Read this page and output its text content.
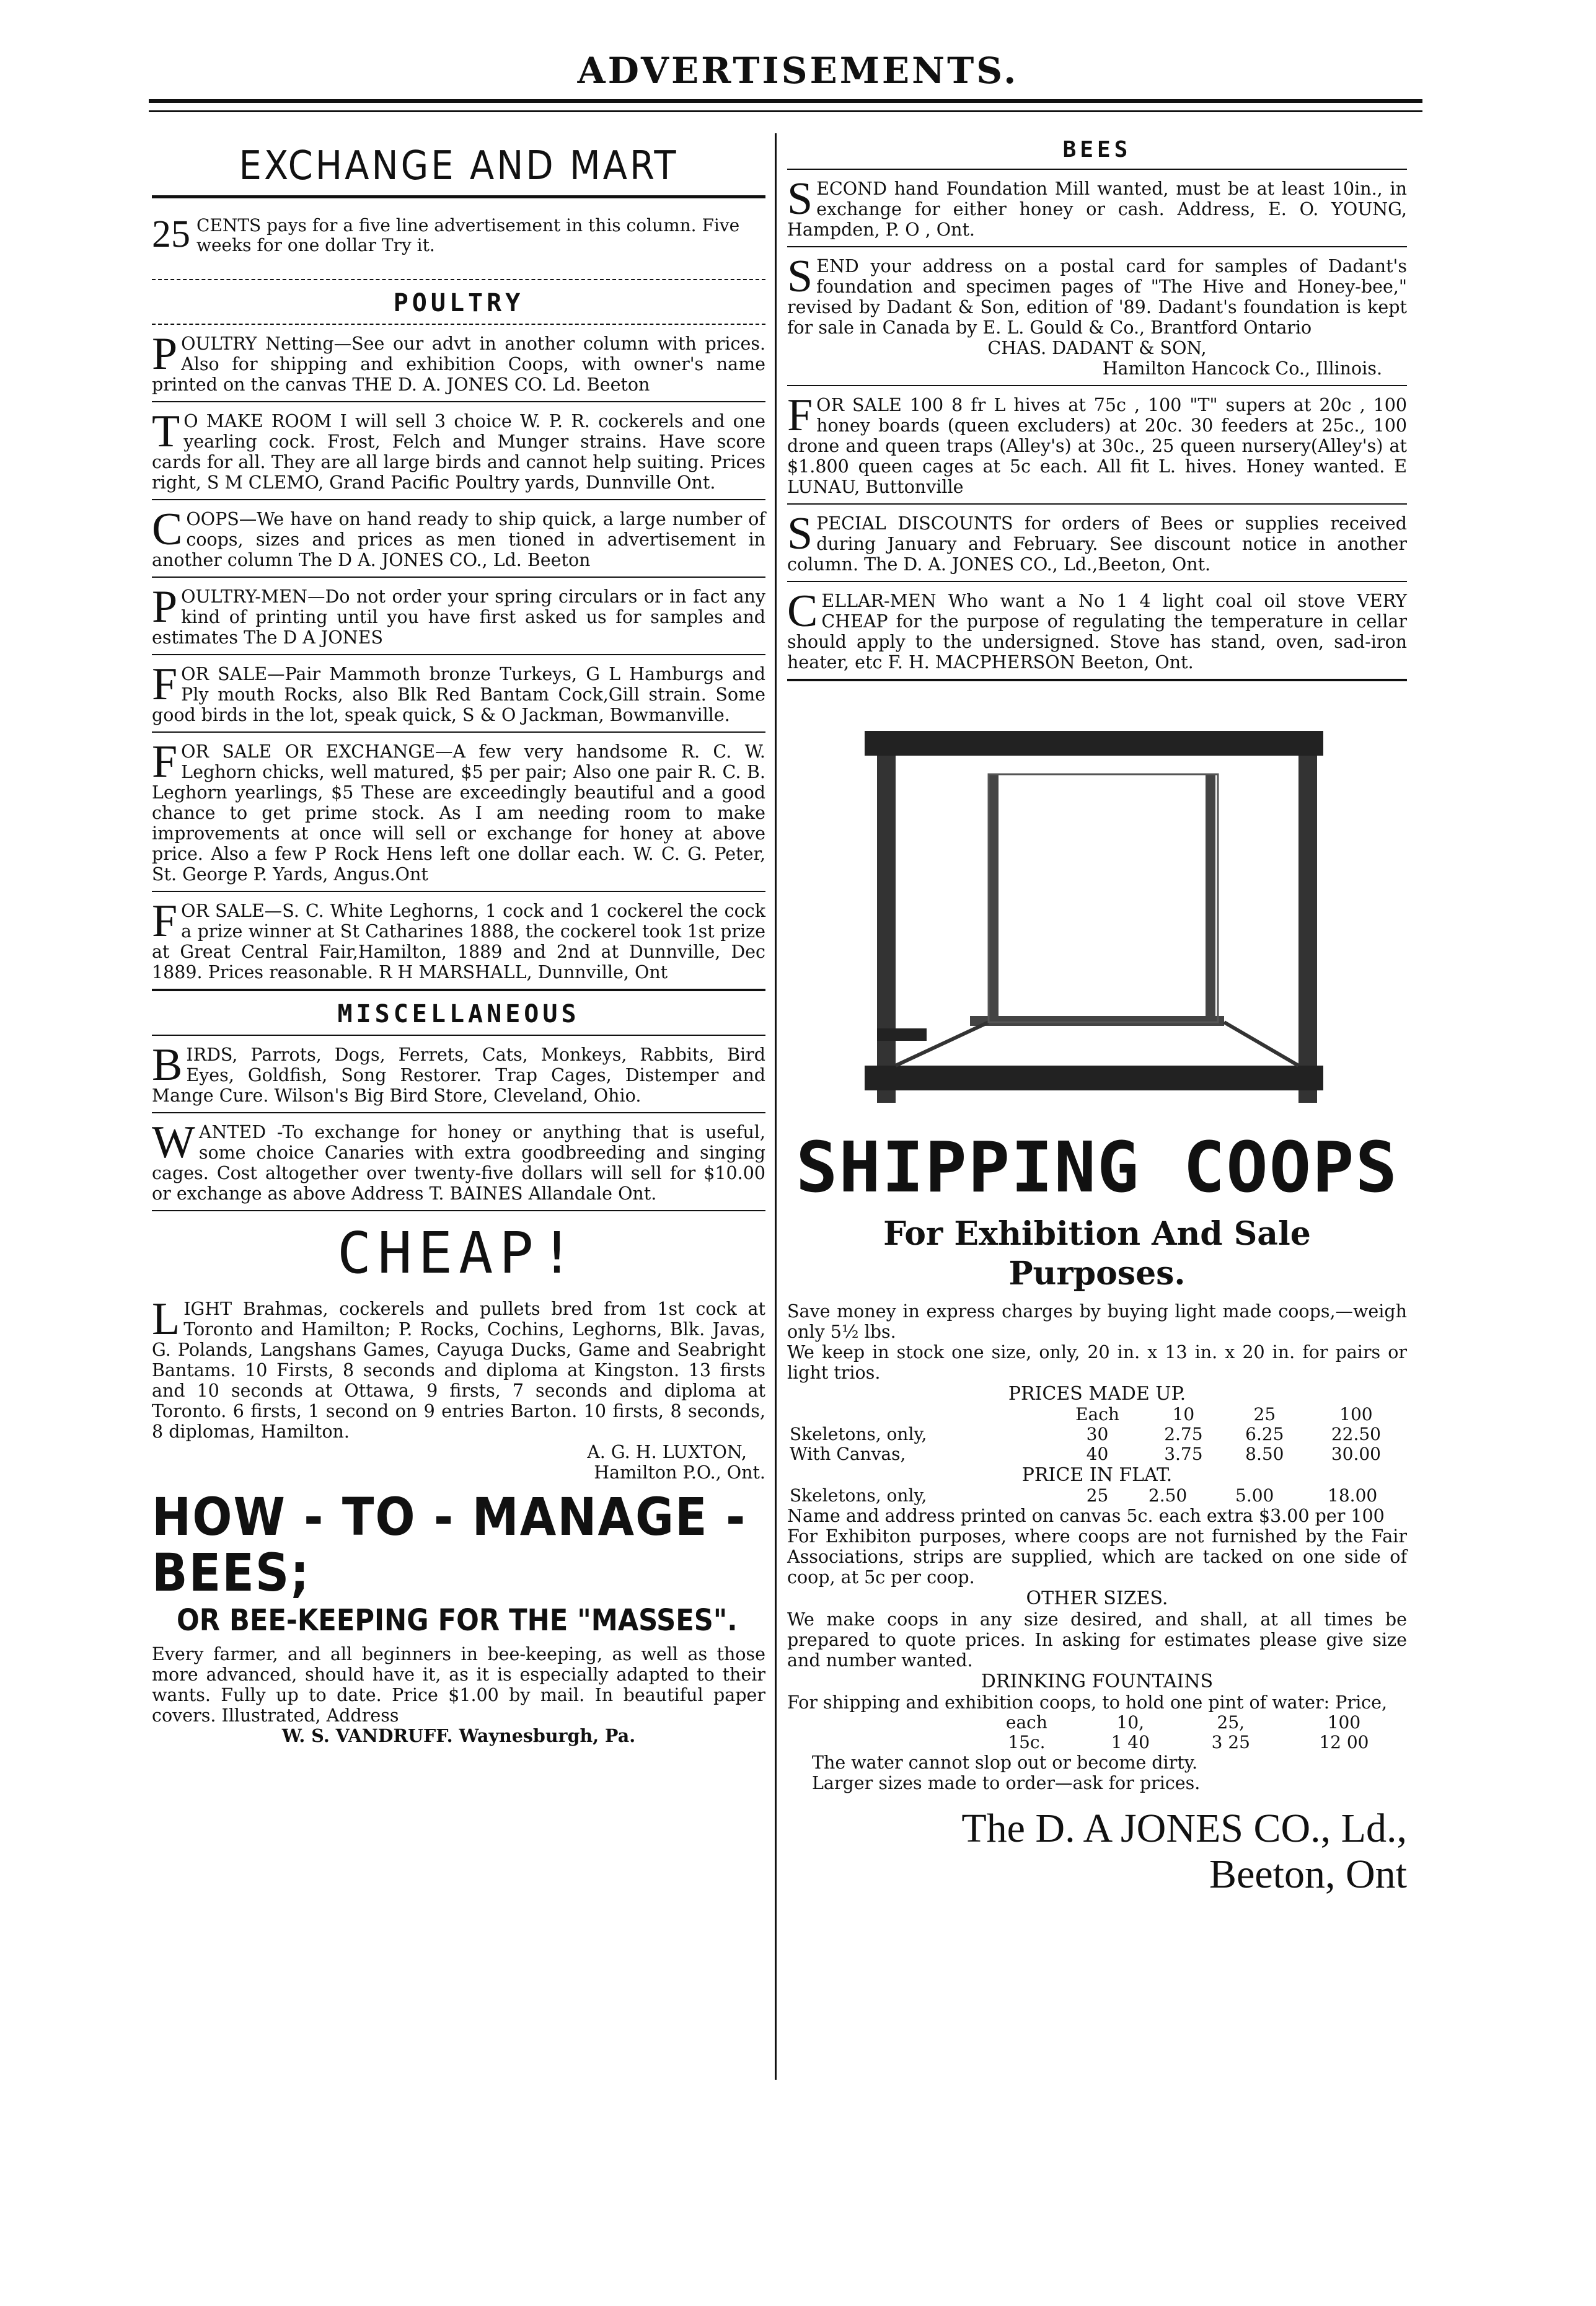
ADVERTISEMENTS.
EXCHANGE AND MART

25 CENTS pays for a five line advertisement in this column. Five weeks for one dollar Try it.

POULTRY

POULTRY Netting—See our advt in another column with prices. Also for shipping and exhibition Coops, with owner's name printed on the canvas THE D. A. JONES CO. Ld. Beeton

T O MAKE ROOM I will sell 3 choice W. P. R. cockerels and one yearling cock. Frost, Felch and Munger strains. Have score cards for all. They are all large birds and cannot help suiting. Prices right, S M CLEMO, Grand Pacific Poultry yards, Dunnville Ont.

COOPS—We have on hand ready to ship quick, a large number of coops, sizes and prices as men tioned in advertisement in another column The D A. JONES CO., Ld. Beeton

POULTRY-MEN—Do not order your spring circulars or in fact any kind of printing until you have first asked us for samples and estimates The D A JONES

FOR SALE—Pair Mammoth bronze Turkeys, G L Hamburgs and Ply mouth Rocks, also Blk Red Bantam Cock,Gill strain. Some good birds in the lot, speak quick, S & O Jackman, Bowmanville.

FOR SALE OR EXCHANGE—A few very handsome R. C. W. Leghorn chicks, well matured, $5 per pair; Also one pair R. C. B. Leghorn yearlings, $5 These are exceedingly beautiful and a good chance to get prime stock. As I am needing room to make improvements at once will sell or exchange for honey at above price. Also a few P Rock Hens left one dollar each. W. C. G. Peter, St. George P. Yards, Angus.Ont

FOR SALE—S. C. White Leghorns, 1 cock and 1 cockerel the cock a prize winner at St Catharines 1888, the cockerel took 1st prize at Great Central Fair,Hamilton, 1889 and 2nd at Dunnville, Dec 1889. Prices reasonable. R H MARSHALL, Dunnville, Ont

MISCELLANEOUS

BIRDS, Parrots, Dogs, Ferrets, Cats, Monkeys, Rabbits, Bird Eyes, Goldfish, Song Restorer. Trap Cages, Distemper and Mange Cure. Wilson's Big Bird Store, Cleveland, Ohio.

WANTED -To exchange for honey or anything that is useful, some choice Canaries with extra goodbreeding and singing cages. Cost altogether over twenty-five dollars will sell for $10.00 or exchange as above Address T. BAINES Allandale Ont.

CHEAP!

LIGHT Brahmas, cockerels and pullets bred from 1st cock at Toronto and Hamilton; P. Rocks, Cochins, Leghorns, Blk. Javas, G. Polands, Langshans Games, Cayuga Ducks, Game and Seabright Bantams. 10 Firsts, 8 seconds and diploma at Kingston. 13 firsts and 10 seconds at Ottawa, 9 firsts, 7 seconds and diploma at Toronto. 6 firsts, 1 second on 9 entries Barton. 10 firsts, 8 seconds, 8 diplomas, Hamilton.

A. G. H. LUXTON,
Hamilton P.O., Ont.
HOW - TO - MANAGE - BEES;
OR BEE-KEEPING FOR THE "MASSES".

Every farmer, and all beginners in bee-keeping, as well as those more advanced, should have it, as it is especially adapted to their wants. Fully up to date. Price $1.00 by mail. In beautiful paper covers. Illustrated, Address

W. S. VANDRUFF. Waynesburgh, Pa.
BEES

SECOND hand Foundation Mill wanted, must be at least 10in., in exchange for either honey or cash. Address, E. O. YOUNG, Hampden, P. O , Ont.

SEND your address on a postal card for samples of Dadant's foundation and specimen pages of "The Hive and Honey-bee," revised by Dadant & Son, edition of '89. Dadant's foundation is kept for sale in Canada by E. L. Gould & Co., Brantford Ontario

CHAS. DADANT & SON,
Hamilton Hancock Co., Illinois.

FOR SALE 100 8 fr L hives at 75c , 100 "T" supers at 20c , 100 honey boards (queen excluders) at 20c. 30 feeders at 25c., 100 drone and queen traps (Alley's) at 30c., 25 queen nursery(Alley's) at $1.800 queen cages at 5c each. All fit L. hives. Honey wanted. E LUNAU, Buttonville

SPECIAL DISCOUNTS for orders of Bees or supplies received during January and February. See discount notice in another column. The D. A. JONES CO., Ld.,Beeton, Ont.

CELLAR-MEN Who want a No 1 4 light coal oil stove VERY CHEAP for the purpose of regulating the temperature in cellar should apply to the undersigned. Stove has stand, oven, sad-iron heater, etc F. H. MACPHERSON Beeton, Ont.

SHIPPING COOPS
For Exhibition And Sale
Purposes.

Save money in express charges by buying light made coops,—weigh only 5½ lbs.

We keep in stock one size, only, 20 in. x 13 in. x 20 in. for pairs or light trios.

PRICES MADE UP.
	Each	10	25	100
Skeletons, only,	30	2.75	6.25	22.50
With Canvas,	40	3.75	8.50	30.00
PRICE IN FLAT.
Skeletons, only,	25	2.50	5.00	18.00

Name and address printed on canvas 5c. each extra $3.00 per 100

For Exhibiton purposes, where coops are not furnished by the Fair Associations, strips are supplied, which are tacked on one side of coop, at 5c per coop.

OTHER SIZES.

We make coops in any size desired, and shall, at all times be prepared to quote prices. In asking for estimates please give size and number wanted.

DRINKING FOUNTAINS

For shipping and exhibition coops, to hold one pint of water: Price,

each	10,	25,	100
15c.	1 40	3 25	12 00

The water cannot slop out or become dirty.

Larger sizes made to order—ask for prices.

The D. A JONES CO., Ld.,
Beeton, Ont
